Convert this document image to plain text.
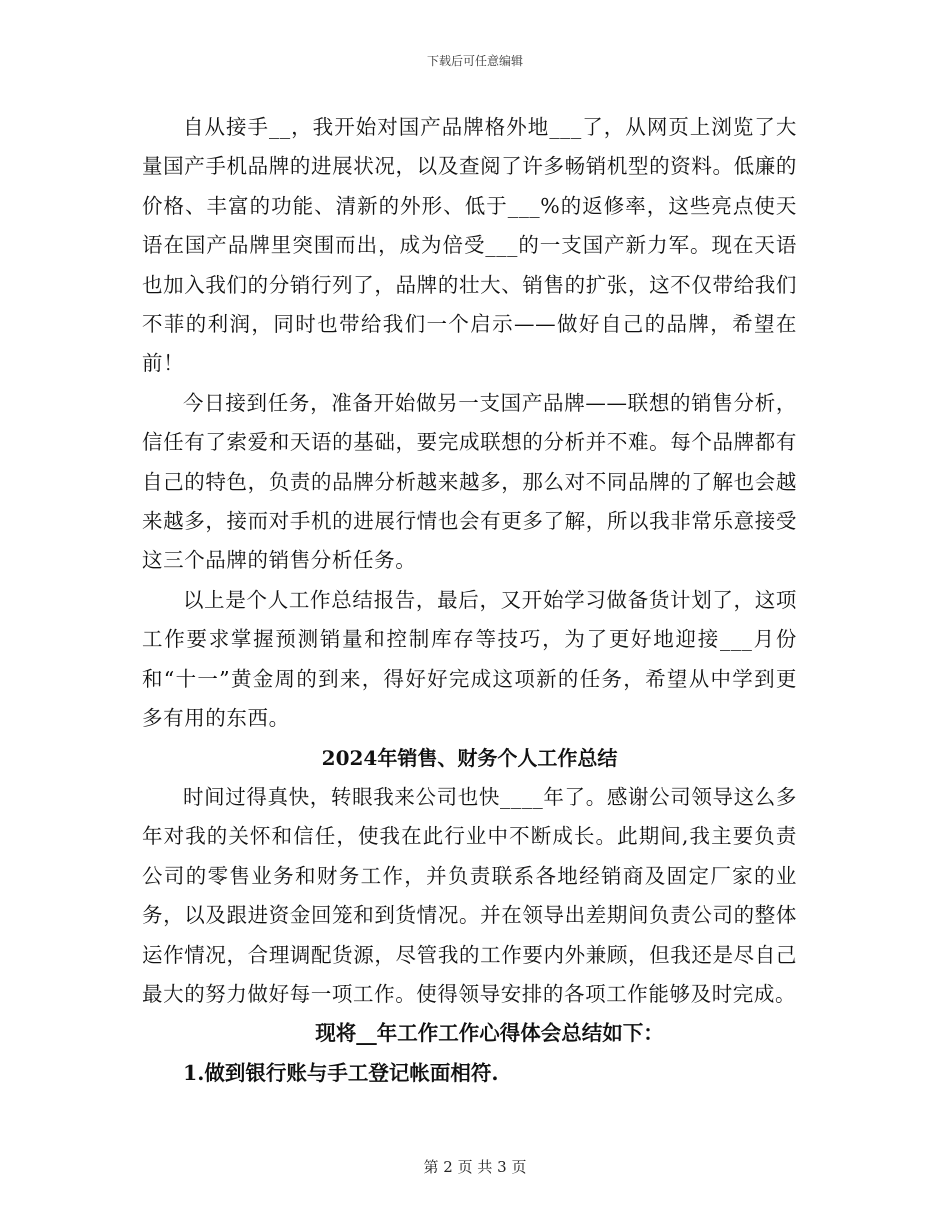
下载后可任意编辑

自从接手__，我开始对国产品牌格外地___了，从网页上浏览了大量国产手机品牌的进展状况，以及查阅了许多畅销机型的资料。低廉的价格、丰富的功能、清新的外形、低于___%的返修率，这些亮点使天语在国产品牌里突围而出，成为倍受___的一支国产新力军。现在天语也加入我们的分销行列了，品牌的壮大、销售的扩张，这不仅带给我们不菲的利润，同时也带给我们一个启示——做好自己的品牌，希望在前！

今日接到任务，准备开始做另一支国产品牌——联想的销售分析，信任有了索爱和天语的基础，要完成联想的分析并不难。每个品牌都有自己的特色，负责的品牌分析越来越多，那么对不同品牌的了解也会越来越多，接而对手机的进展行情也会有更多了解，所以我非常乐意接受这三个品牌的销售分析任务。

以上是个人工作总结报告，最后，又开始学习做备货计划了，这项工作要求掌握预测销量和控制库存等技巧，为了更好地迎接___月份和“十一”黄金周的到来，得好好完成这项新的任务，希望从中学到更多有用的东西。

2024年销售、财务个人工作总结

时间过得真快，转眼我来公司也快____年了。感谢公司领导这么多年对我的关怀和信任，使我在此行业中不断成长。此期间,我主要负责公司的零售业务和财务工作，并负责联系各地经销商及固定厂家的业务，以及跟进资金回笼和到货情况。并在领导出差期间负责公司的整体运作情况，合理调配货源，尽管我的工作要内外兼顾，但我还是尽自己最大的努力做好每一项工作。使得领导安排的各项工作能够及时完成。

现将__年工作工作心得体会总结如下：

1.做到银行账与手工登记帐面相符.

第 2 页 共 3 页
